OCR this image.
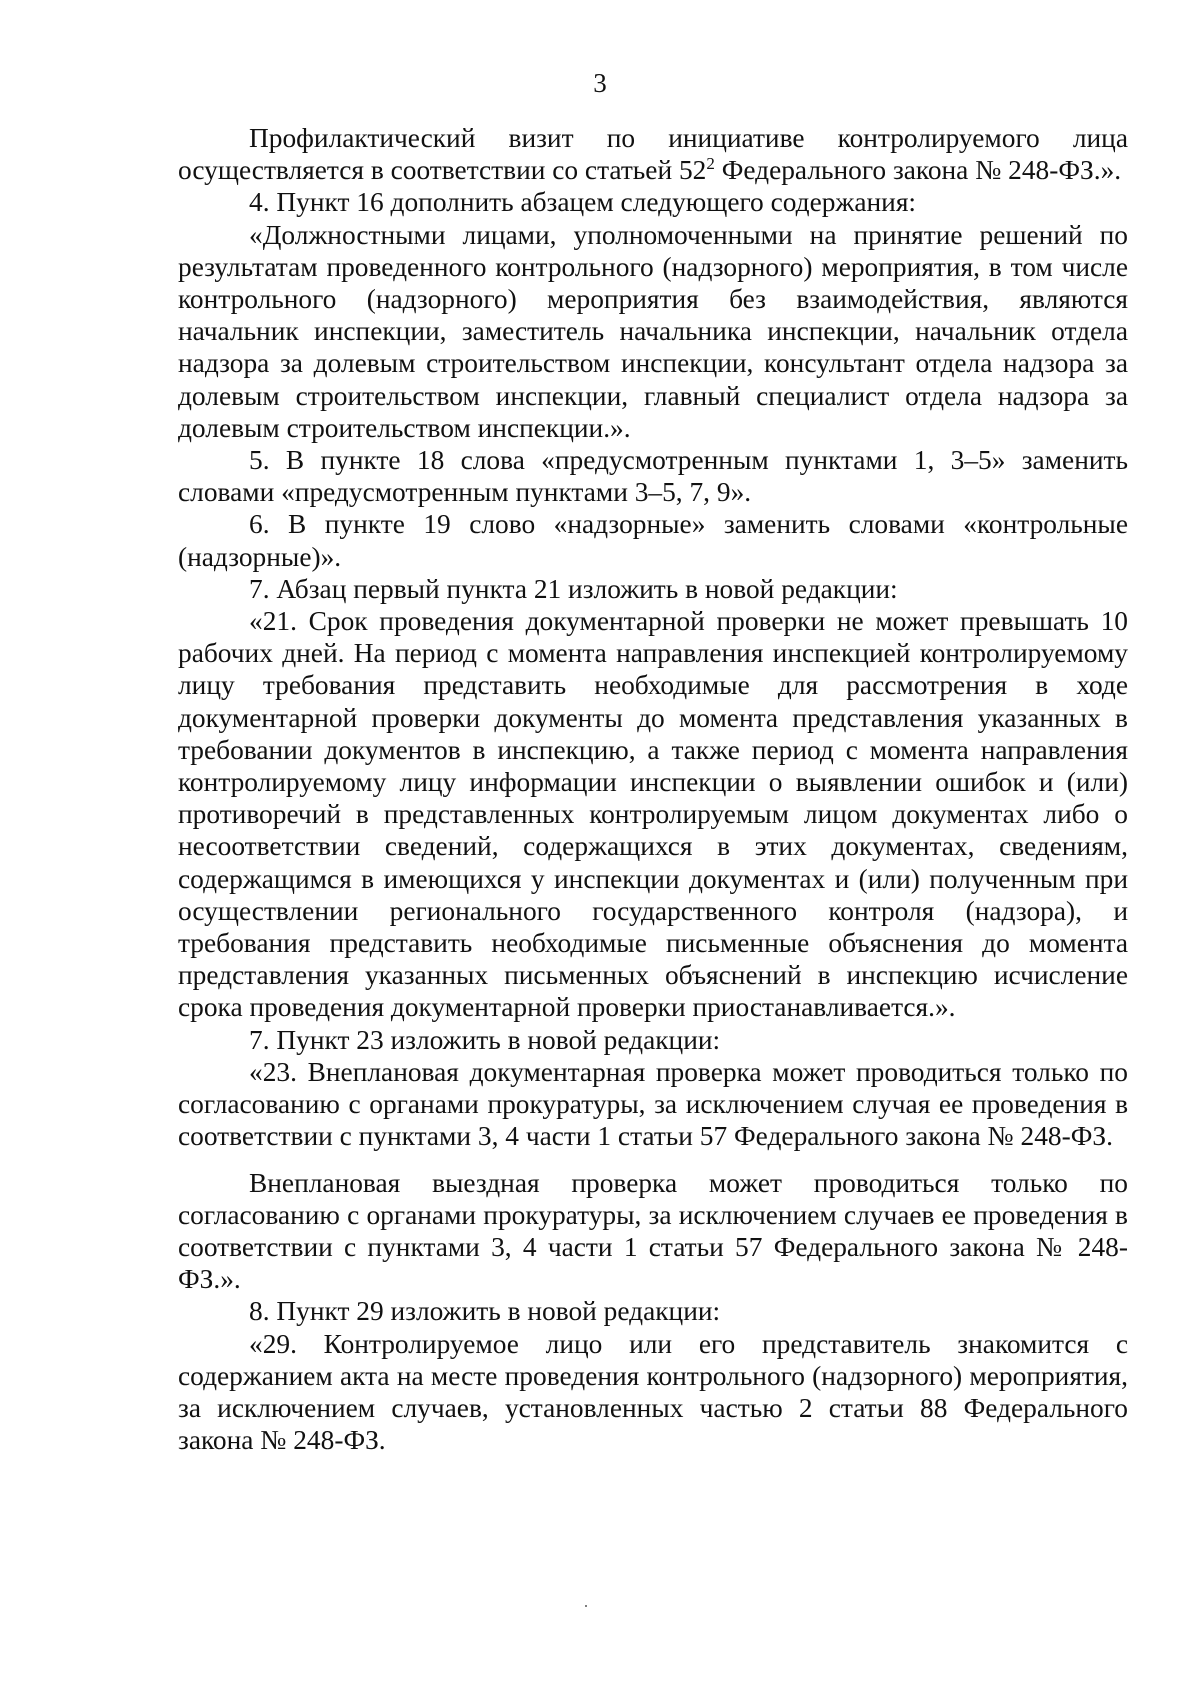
3

Профилактический визит по инициативе контролируемого лица осуществляется в соответствии со статьей $52^2$ Федерального закона № 248-ФЗ.».

4. Пункт 16 дополнить абзацем следующего содержания:

«Должностными лицами, уполномоченными на принятие решений по результатам проведенного контрольного (надзорного) мероприятия, в том числе контрольного (надзорного) мероприятия без взаимодействия, являются начальник инспекции, заместитель начальника инспекции, начальник отдела надзора за долевым строительством инспекции, консультант отдела надзора за долевым строительством инспекции, главный специалист отдела надзора за долевым строительством инспекции.».

5. В пункте 18 слова «предусмотренным пунктами 1, 3–5» заменить словами «предусмотренным пунктами 3–5, 7, 9».

6. В пункте 19 слово «надзорные» заменить словами «контрольные (надзорные)».

7. Абзац первый пункта 21 изложить в новой редакции:

«21. Срок проведения документарной проверки не может превышать 10 рабочих дней. На период с момента направления инспекцией контролируемому лицу требования представить необходимые для рассмотрения в ходе документарной проверки документы до момента представления указанных в требовании документов в инспекцию, а также период с момента направления контролируемому лицу информации инспекции о выявлении ошибок и (или) противоречий в представленных контролируемым лицом документах либо о несоответствии сведений, содержащихся в этих документах, сведениям, содержащимся в имеющихся у инспекции документах и (или) полученным при осуществлении регионального государственного контроля (надзора), и требования представить необходимые письменные объяснения до момента представления указанных письменных объяснений в инспекцию исчисление срока проведения документарной проверки приостанавливается.».

7. Пункт 23 изложить в новой редакции:

«23. Внеплановая документарная проверка может проводиться только по согласованию с органами прокуратуры, за исключением случая ее проведения в соответствии с пунктами 3, 4 части 1 статьи 57 Федерального закона № 248-ФЗ.

Внеплановая выездная проверка может проводиться только по согласованию с органами прокуратуры, за исключением случаев ее проведения в соответствии с пунктами 3, 4 части 1 статьи 57 Федерального закона № 248-ФЗ.».

8. Пункт 29 изложить в новой редакции:

«29. Контролируемое лицо или его представитель знакомится с содержанием акта на месте проведения контрольного (надзорного) мероприятия, за исключением случаев, установленных частью 2 статьи 88 Федерального закона № 248-ФЗ.
